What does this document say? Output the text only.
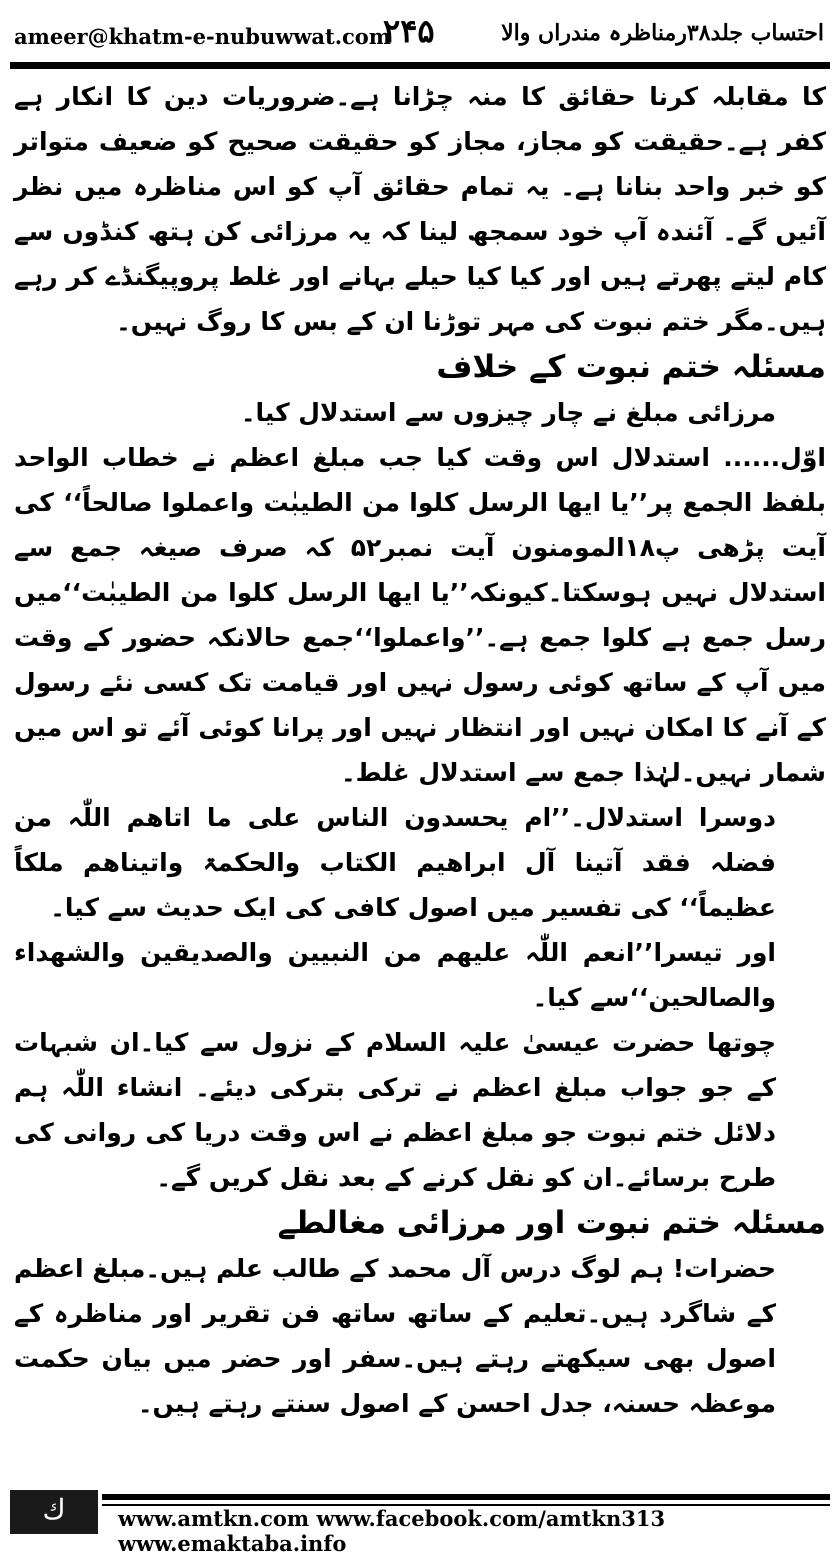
ameer@khatm-e-nubuwwat.com
۲۴۵	احتساب جلد۳۸رمناظرہ مندراں والا

کا مقابلہ کرنا حقائق کا منہ چڑانا ہے۔ضروریات دین کا انکار ہے کفر ہے۔حقیقت کو مجاز، مجاز کو حقیقت صحیح کو ضعیف متواتر کو خبر واحد بنانا ہے۔ یہ تمام حقائق آپ کو اس مناظرہ میں نظر آئیں گے۔ آئندہ آپ خود سمجھ لینا کہ یہ مرزائی کن ہتھ کنڈوں سے کام لیتے پھرتے ہیں اور کیا کیا حیلے بہانے اور غلط پروپیگنڈے کر رہے ہیں۔مگر ختم نبوت کی مہر توڑنا ان کے بس کا روگ نہیں۔

مسئلہ ختم نبوت کے خلاف

مرزائی مبلغ نے چار چیزوں سے استدلال کیا۔

اوّل...... استدلال اس وقت کیا جب مبلغ اعظم نے خطاب الواحد بلفظ الجمع پر’’یا ایھا الرسل کلوا من الطیبٰت واعملوا صالحاً‘‘ کی آیت پڑھی پ۱۸المومنون آیت نمبر۵۲ کہ صرف صیغہ جمع سے استدلال نہیں ہوسکتا۔کیونکہ’’یا ایھا الرسل کلوا من الطیبٰت‘‘میں رسل جمع ہے کلوا جمع ہے۔’’واعملوا‘‘جمع حالانکہ حضور کے وقت میں آپ کے ساتھ کوئی رسول نہیں اور قیامت تک کسی نئے رسول کے آنے کا امکان نہیں اور انتظار نہیں اور پرانا کوئی آئے تو اس میں شمار نہیں۔لہٰذا جمع سے استدلال غلط۔

دوسرا استدلال۔’’ام یحسدون الناس علی ما اتاھم اللّٰہ من فضلہ فقد آتینا آل ابراھیم الکتاب والحکمۃ واتیناھم ملکاً عظیماً‘‘ کی تفسیر میں اصول کافی کی ایک حدیث سے کیا۔

اور تیسرا’’انعم اللّٰہ علیھم من النبیین والصدیقین والشھداء والصالحین‘‘سے کیا۔

چوتھا حضرت عیسیٰ علیہ السلام کے نزول سے کیا۔ان شبہات کے جو جواب مبلغ اعظم نے ترکی بترکی دیئے۔ انشاء اللّٰہ ہم دلائل ختم نبوت جو مبلغ اعظم نے اس وقت دریا کی روانی کی طرح برسائے۔ان کو نقل کرنے کے بعد نقل کریں گے۔

مسئلہ ختم نبوت اور مرزائی مغالطے

حضرات! ہم لوگ درس آل محمد کے طالب علم ہیں۔مبلغ اعظم کے شاگرد ہیں۔تعلیم کے ساتھ ساتھ فن تقریر اور مناظرہ کے اصول بھی سیکھتے رہتے ہیں۔سفر اور حضر میں بیان حکمت موعظہ حسنہ، جدل احسن کے اصول سنتے رہتے ہیں۔

ك	www.amtkn.com www.facebook.com/amtkn313 www.emaktaba.info
